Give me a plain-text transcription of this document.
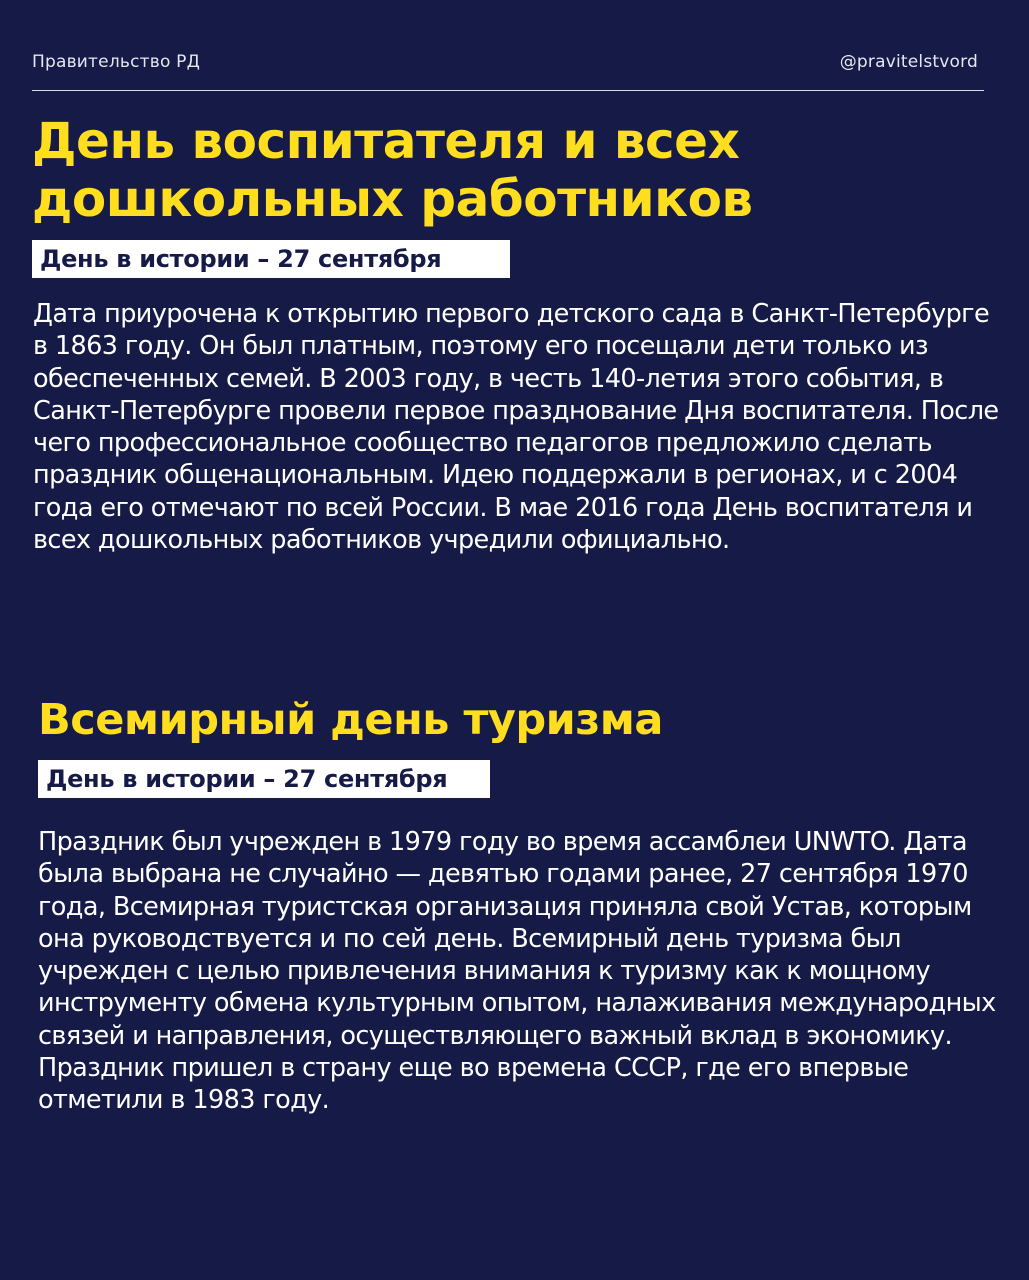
Правительство РД	@pravitelstvord
День воспитателя и всех дошкольных работников
День в истории – 27 сентября

Дата приурочена к открытию первого детского сада в Санкт-Петербурге в 1863 году. Он был платным, поэтому его посещали дети только из обеспеченных семей. В 2003 году, в честь 140-летия этого события, в Санкт-Петербурге провели первое празднование Дня воспитателя. После чего профессиональное сообщество педагогов предложило сделать праздник общенациональным. Идею поддержали в регионах, и с 2004 года его отмечают по всей России. В мае 2016 года День воспитателя и всех дошкольных работников учредили официально.

Всемирный день туризма
День в истории – 27 сентября

Праздник был учрежден в 1979 году во время ассамблеи UNWTO. Дата была выбрана не случайно — девятью годами ранее, 27 сентября 1970 года, Всемирная туристская организация приняла свой Устав, которым она руководствуется и по сей день. Всемирный день туризма был учрежден с целью привлечения внимания к туризму как к мощному инструменту обмена культурным опытом, налаживания международных связей и направления, осуществляющего важный вклад в экономику. Праздник пришел в страну еще во времена СССР, где его впервые отметили в 1983 году.
